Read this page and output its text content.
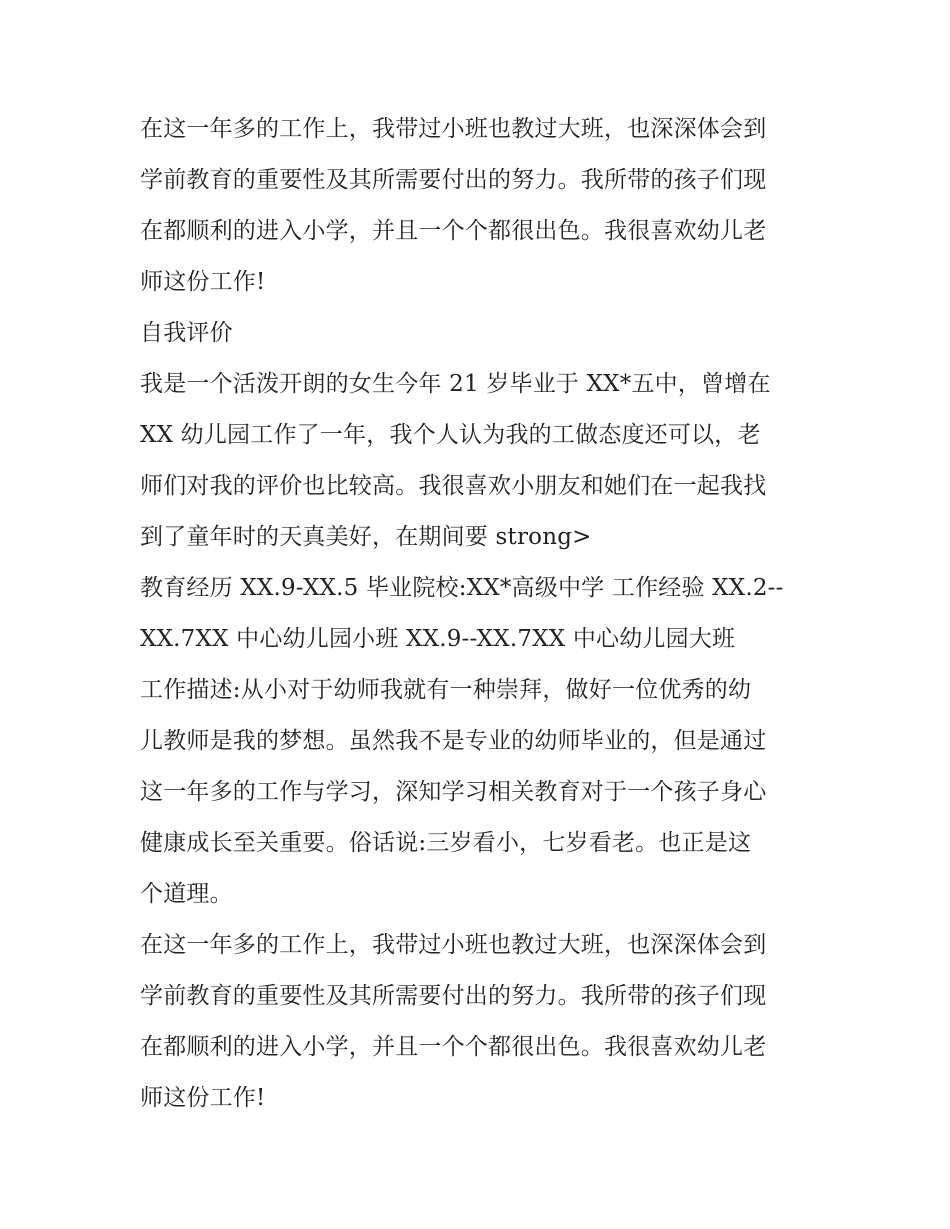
在这一年多的工作上，我带过小班也教过大班，也深深体会到
学前教育的重要性及其所需要付出的努力。我所带的孩子们现
在都顺利的进入小学，并且一个个都很出色。我很喜欢幼儿老
师这份工作!
自我评价
我是一个活泼开朗的女生今年 21 岁毕业于 XX*五中，曾增在
XX 幼儿园工作了一年，我个人认为我的工做态度还可以，老
师们对我的评价也比较高。我很喜欢小朋友和她们在一起我找
到了童年时的天真美好，在期间要 strong>
教育经历 XX.9-XX.5 毕业院校:XX*高级中学 工作经验 XX.2--
XX.7XX 中心幼儿园小班 XX.9--XX.7XX 中心幼儿园大班
工作描述:从小对于幼师我就有一种崇拜，做好一位优秀的幼
儿教师是我的梦想。虽然我不是专业的幼师毕业的，但是通过
这一年多的工作与学习，深知学习相关教育对于一个孩子身心
健康成长至关重要。俗话说:三岁看小，七岁看老。也正是这
个道理。
在这一年多的工作上，我带过小班也教过大班，也深深体会到
学前教育的重要性及其所需要付出的努力。我所带的孩子们现
在都顺利的进入小学，并且一个个都很出色。我很喜欢幼儿老
师这份工作!
